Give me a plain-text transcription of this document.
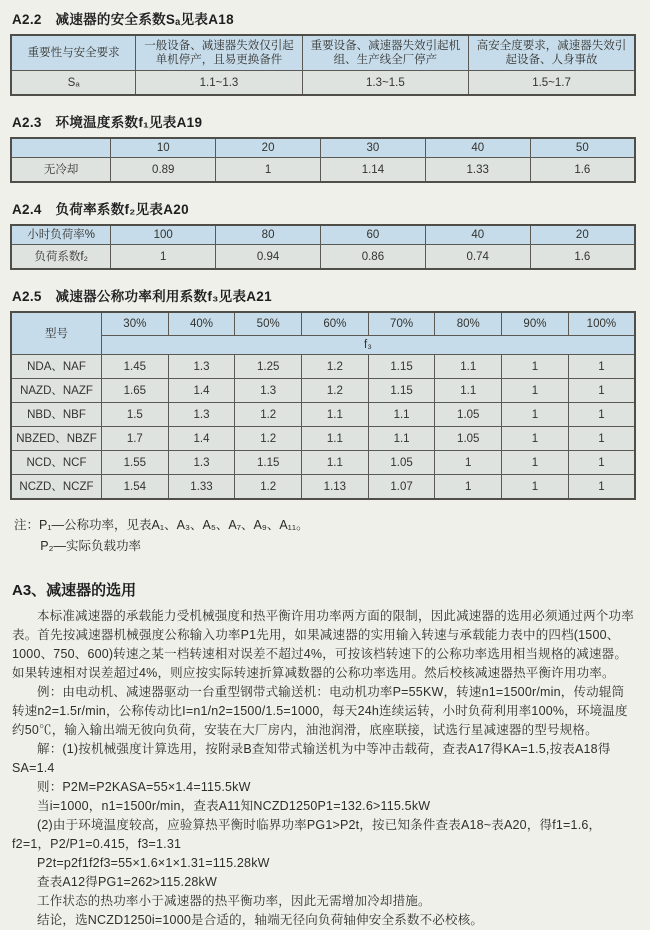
A2.2　减速器的安全系数Sₐ见表A18
重要性与安全要求	一般设备、减速器失效仅引起单机停产，且易更换备件	重要设备、减速器失效引起机组、生产线全厂停产	高安全度要求，减速器失效引起设备、人身事故
Sₐ	1.1~1.3	1.3~1.5	1.5~1.7
A2.3　环境温度系数f₁见表A19
	10	20	30	40	50
无冷却	0.89	1	1.14	1.33	1.6
A2.4　负荷率系数f₂见表A20
小时负荷率%	100	80	60	40	20
负荷系数f₂	1	0.94	0.86	0.74	1.6
A2.5　减速器公称功率利用系数f₃见表A21
型号	30%	40%	50%	60%	70%	80%	90%	100%
	f₃							
NDA、NAF	1.45	1.3	1.25	1.2	1.15	1.1	1	1
NAZD、NAZF	1.65	1.4	1.3	1.2	1.15	1.1	1	1
NBD、NBF	1.5	1.3	1.2	1.1	1.1	1.05	1	1
NBZED、NBZF	1.7	1.4	1.2	1.1	1.1	1.05	1	1
NCD、NCF	1.55	1.3	1.15	1.1	1.05	1	1	1
NCZD、NCZF	1.54	1.33	1.2	1.13	1.07	1	1	1
注：P₁—公称功率，见表A₁、A₃、A₅、A₇、A₉、A₁₁。
P₂—实际负载功率
A3、减速器的选用

本标准减速器的承载能力受机械强度和热平衡许用功率两方面的限制，因此减速器的选用必须通过两个功率表。首先按减速器机械强度公称输入功率P1先用，如果减速器的实用输入转速与承载能力表中的四档(1500、1000、750、600)转速之某一档转速相对误差不超过4%，可按该档转速下的公称功率选用相当规格的减速器。如果转速相对误差超过4%，则应按实际转速折算减数器的公称功率选用。然后校核减速器热平衡许用功率。

例：由电动机、减速器驱动一台重型钢带式输送机：电动机功率P=55KW，转速n1=1500r/min，传动辊筒转速n2=1.5r/min，公称传动比I=n1/n2=1500/1.5=1000，每天24h连续运转，小时负荷利用率100%，环境温度约50℃，输入输出端无彼向负荷，安装在大厂房内，油池润滑，底座联接，试选行星减速器的型号规格。

解：(1)按机械强度计算选用，按附录B查知带式输送机为中等冲击载荷，查表A17得KA=1.5,按表A18得SA=1.4

则：P2M=P2KASA=55×1.4=115.5kW

当i=1000，n1=1500r/min，查表A11知NCZD1250P1=132.6>115.5kW

(2)由于环境温度较高，应验算热平衡时临界功率PG1>P2t，按已知条件查表A18~表A20，得f1=1.6，f2=1，P2/P1=0.415，f3=1.31

P2t=p2f1f2f3=55×1.6×1×1.31=115.28kW

查表A12得PG1=262>115.28kW

工作状态的热功率小于减速器的热平衡功率，因此无需增加冷却措施。

结论，选NCZD1250i=1000是合适的，轴端无径向负荷轴伸安全系数不必校核。
